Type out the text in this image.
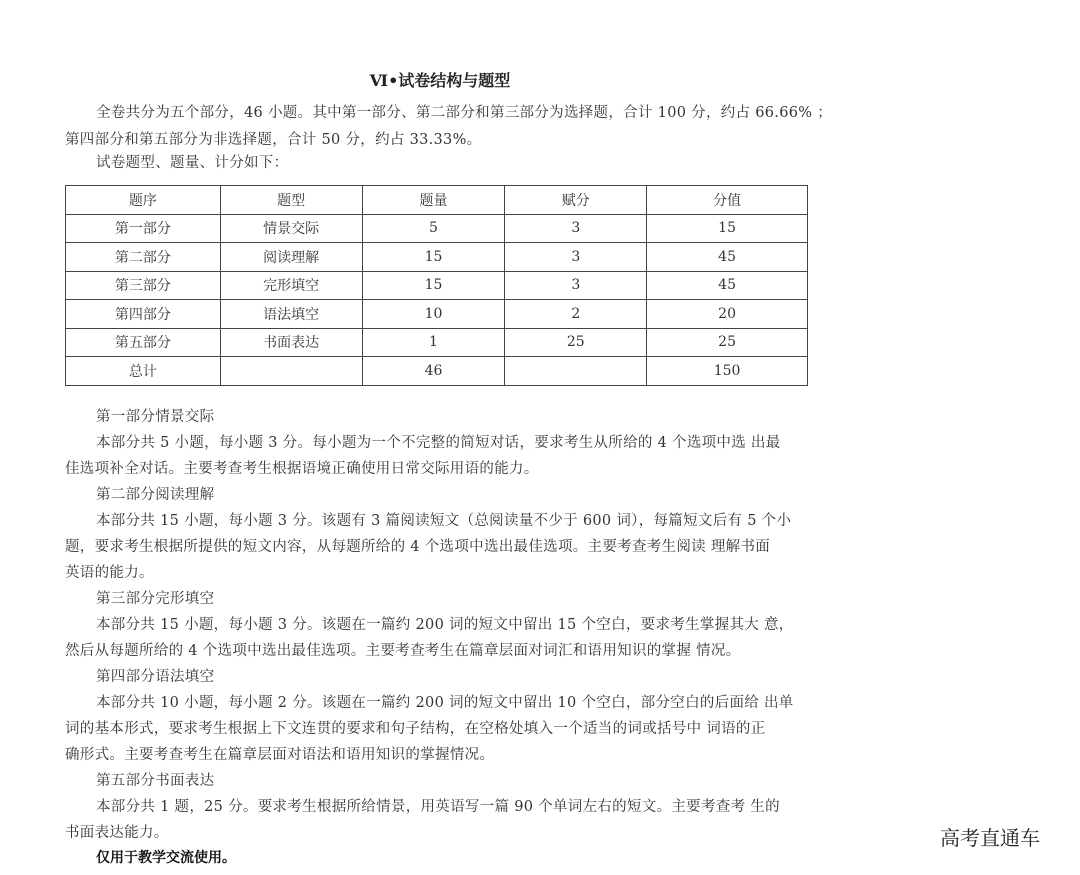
Ⅵ•试卷结构与题型
全卷共分为五个部分，46 小题。其中第一部分、第二部分和第三部分为选择题，合计 100 分，约占 66.66% ；
第四部分和第五部分为非选择题，合计 50 分，约占 33.33%。
试卷题型、题量、计分如下：
题序	题型	题量	赋分	分值
第一部分	情景交际	5	3	15
第二部分	阅读理解	15	3	45
第三部分	完形填空	15	3	45
第四部分	语法填空	10	2	20
第五部分	书面表达	1	25	25
总计		46		150
第一部分情景交际
本部分共 5 小题，每小题 3 分。每小题为一个不完整的简短对话，要求考生从所给的 4 个选项中选 出最
佳选项补全对话。主要考查考生根据语境正确使用日常交际用语的能力。
第二部分阅读理解
本部分共 15 小题，每小题 3 分。该题有 3 篇阅读短文（总阅读量不少于 600 词），每篇短文后有 5 个小
题，要求考生根据所提供的短文内容，从每题所给的 4 个选项中选出最佳选项。主要考查考生阅读 理解书面
英语的能力。
第三部分完形填空
本部分共 15 小题，每小题 3 分。该题在一篇约 200 词的短文中留出 15 个空白，要求考生掌握其大 意，
然后从每题所给的 4 个选项中选出最佳选项。主要考查考生在篇章层面对词汇和语用知识的掌握 情况。
第四部分语法填空
本部分共 10 小题，每小题 2 分。该题在一篇约 200 词的短文中留出 10 个空白，部分空白的后面给 出单
词的基本形式，要求考生根据上下文连贯的要求和句子结构，在空格处填入一个适当的词或括号中 词语的正
确形式。主要考查考生在篇章层面对语法和语用知识的掌握情况。
第五部分书面表达
本部分共 1 题，25 分。要求考生根据所给情景，用英语写一篇 90 个单词左右的短文。主要考查考 生的
书面表达能力。
仅用于教学交流使用。
高考直通车
